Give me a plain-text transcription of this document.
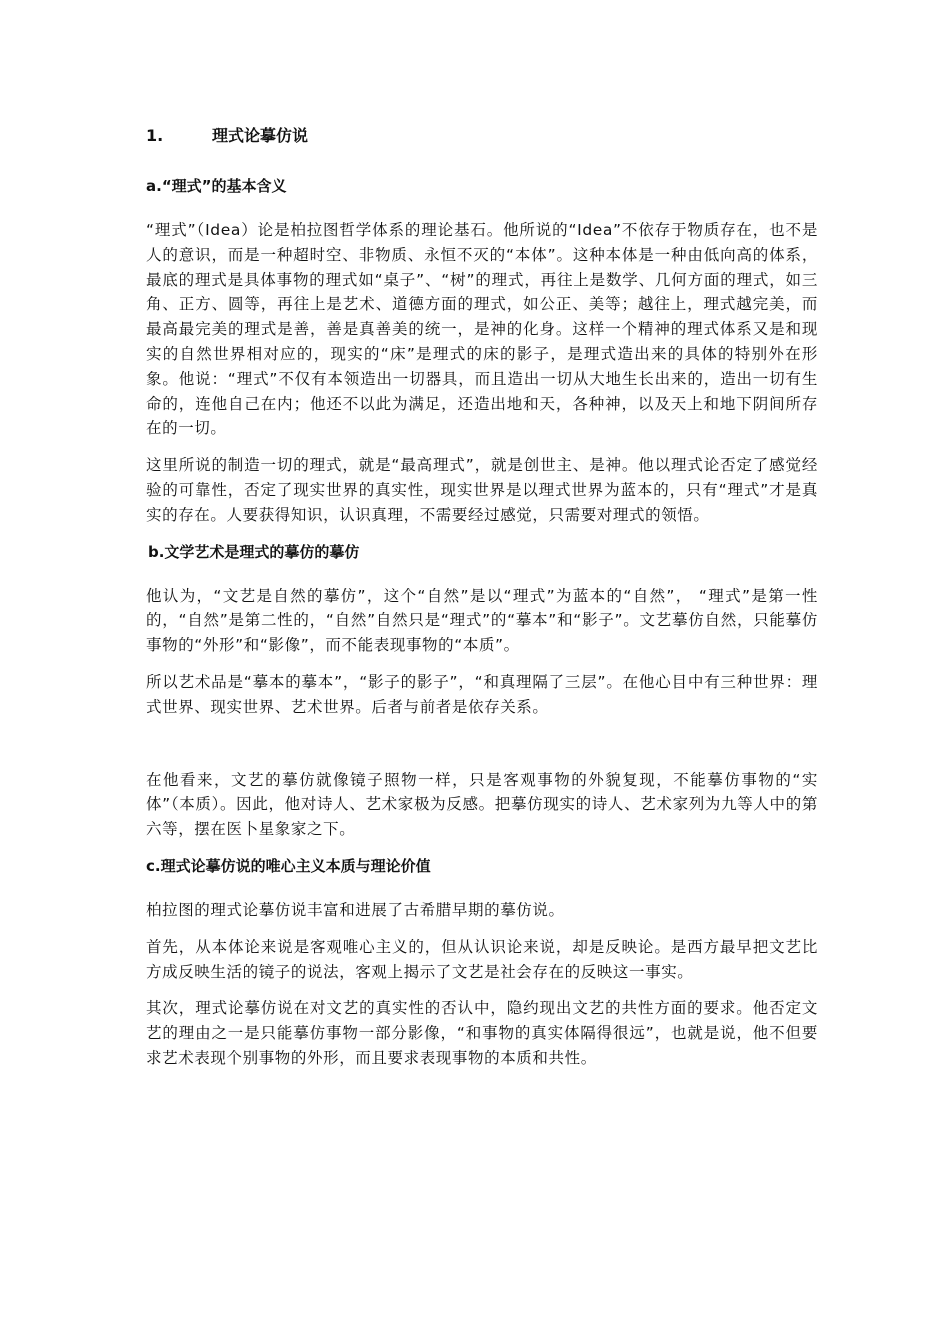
1.	理式论摹仿说
a.“理式”的基本含义

“理式”（Idea）论是柏拉图哲学体系的理论基石。他所说的“Idea”不依存于物质存在，也不是人的意识，而是一种超时空、非物质、永恒不灭的“本体”。这种本体是一种由低向高的体系，最底的理式是具体事物的理式如“桌子”、“树”的理式，再往上是数学、几何方面的理式，如三角、正方、圆等，再往上是艺术、道德方面的理式，如公正、美等；越往上，理式越完美，而最高最完美的理式是善，善是真善美的统一，是神的化身。这样一个精神的理式体系又是和现实的自然世界相对应的，现实的“床”是理式的床的影子，是理式造出来的具体的特别外在形象。他说：“理式”不仅有本领造出一切器具，而且造出一切从大地生长出来的，造出一切有生命的，连他自己在内；他还不以此为满足，还造出地和天，各种神，以及天上和地下阴间所存在的一切。

这里所说的制造一切的理式，就是“最高理式”，就是创世主、是神。他以理式论否定了感觉经验的可靠性，否定了现实世界的真实性，现实世界是以理式世界为蓝本的，只有“理式”才是真实的存在。人要获得知识，认识真理，不需要经过感觉，只需要对理式的领悟。

b.文学艺术是理式的摹仿的摹仿

他认为，“文艺是自然的摹仿”，这个“自然”是以“理式”为蓝本的“自然”， “理式”是第一性的，“自然”是第二性的，“自然”自然只是“理式”的“摹本”和“影子”。文艺摹仿自然，只能摹仿事物的“外形”和“影像”，而不能表现事物的“本质”。

所以艺术品是“摹本的摹本”，“影子的影子”，“和真理隔了三层”。在他心目中有三种世界：理式世界、现实世界、艺术世界。后者与前者是依存关系。

在他看来，文艺的摹仿就像镜子照物一样，只是客观事物的外貌复现，不能摹仿事物的“实体”（本质）。因此，他对诗人、艺术家极为反感。把摹仿现实的诗人、艺术家列为九等人中的第六等，摆在医卜星象家之下。

c.理式论摹仿说的唯心主义本质与理论价值

柏拉图的理式论摹仿说丰富和进展了古希腊早期的摹仿说。

首先，从本体论来说是客观唯心主义的，但从认识论来说，却是反映论。是西方最早把文艺比方成反映生活的镜子的说法，客观上揭示了文艺是社会存在的反映这一事实。

其次，理式论摹仿说在对文艺的真实性的否认中，隐约现出文艺的共性方面的要求。他否定文艺的理由之一是只能摹仿事物一部分影像，“和事物的真实体隔得很远”，也就是说，他不但要求艺术表现个别事物的外形，而且要求表现事物的本质和共性。
